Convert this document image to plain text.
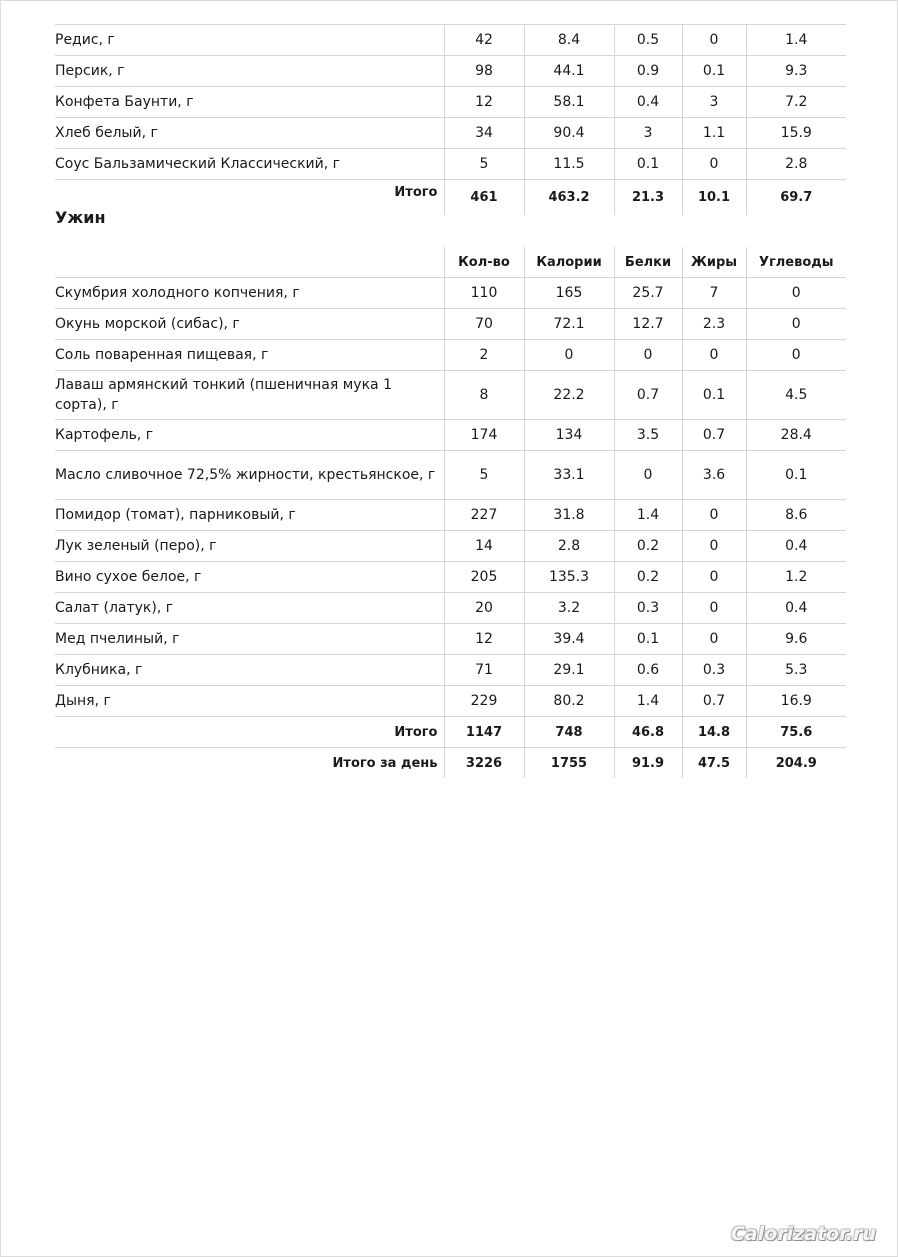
Редис, г	42	8.4	0.5	0	1.4
Персик, г	98	44.1	0.9	0.1	9.3
Конфета Баунти, г	12	58.1	0.4	3	7.2
Хлеб белый, г	34	90.4	3	1.1	15.9
Соус Бальзамический Классический, г	5	11.5	0.1	0	2.8
Итого	461	463.2	21.3	10.1	69.7
Ужин
	Кол-во	Калории	Белки	Жиры	Углеводы
Скумбрия холодного копчения, г	110	165	25.7	7	0
Окунь морской (сибас), г	70	72.1	12.7	2.3	0
Соль поваренная пищевая, г	2	0	0	0	0
Лаваш армянский тонкий (пшеничная мука 1 сорта), г	8	22.2	0.7	0.1	4.5
Картофель, г	174	134	3.5	0.7	28.4
Масло сливочное 72,5% жирности, крестьянское, г	5	33.1	0	3.6	0.1
Помидор (томат), парниковый, г	227	31.8	1.4	0	8.6
Лук зеленый (перо), г	14	2.8	0.2	0	0.4
Вино сухое белое, г	205	135.3	0.2	0	1.2
Салат (латук), г	20	3.2	0.3	0	0.4
Мед пчелиный, г	12	39.4	0.1	0	9.6
Клубника, г	71	29.1	0.6	0.3	5.3
Дыня, г	229	80.2	1.4	0.7	16.9
Итого	1147	748	46.8	14.8	75.6
Итого за день	3226	1755	91.9	47.5	204.9
Calorizator.ru
